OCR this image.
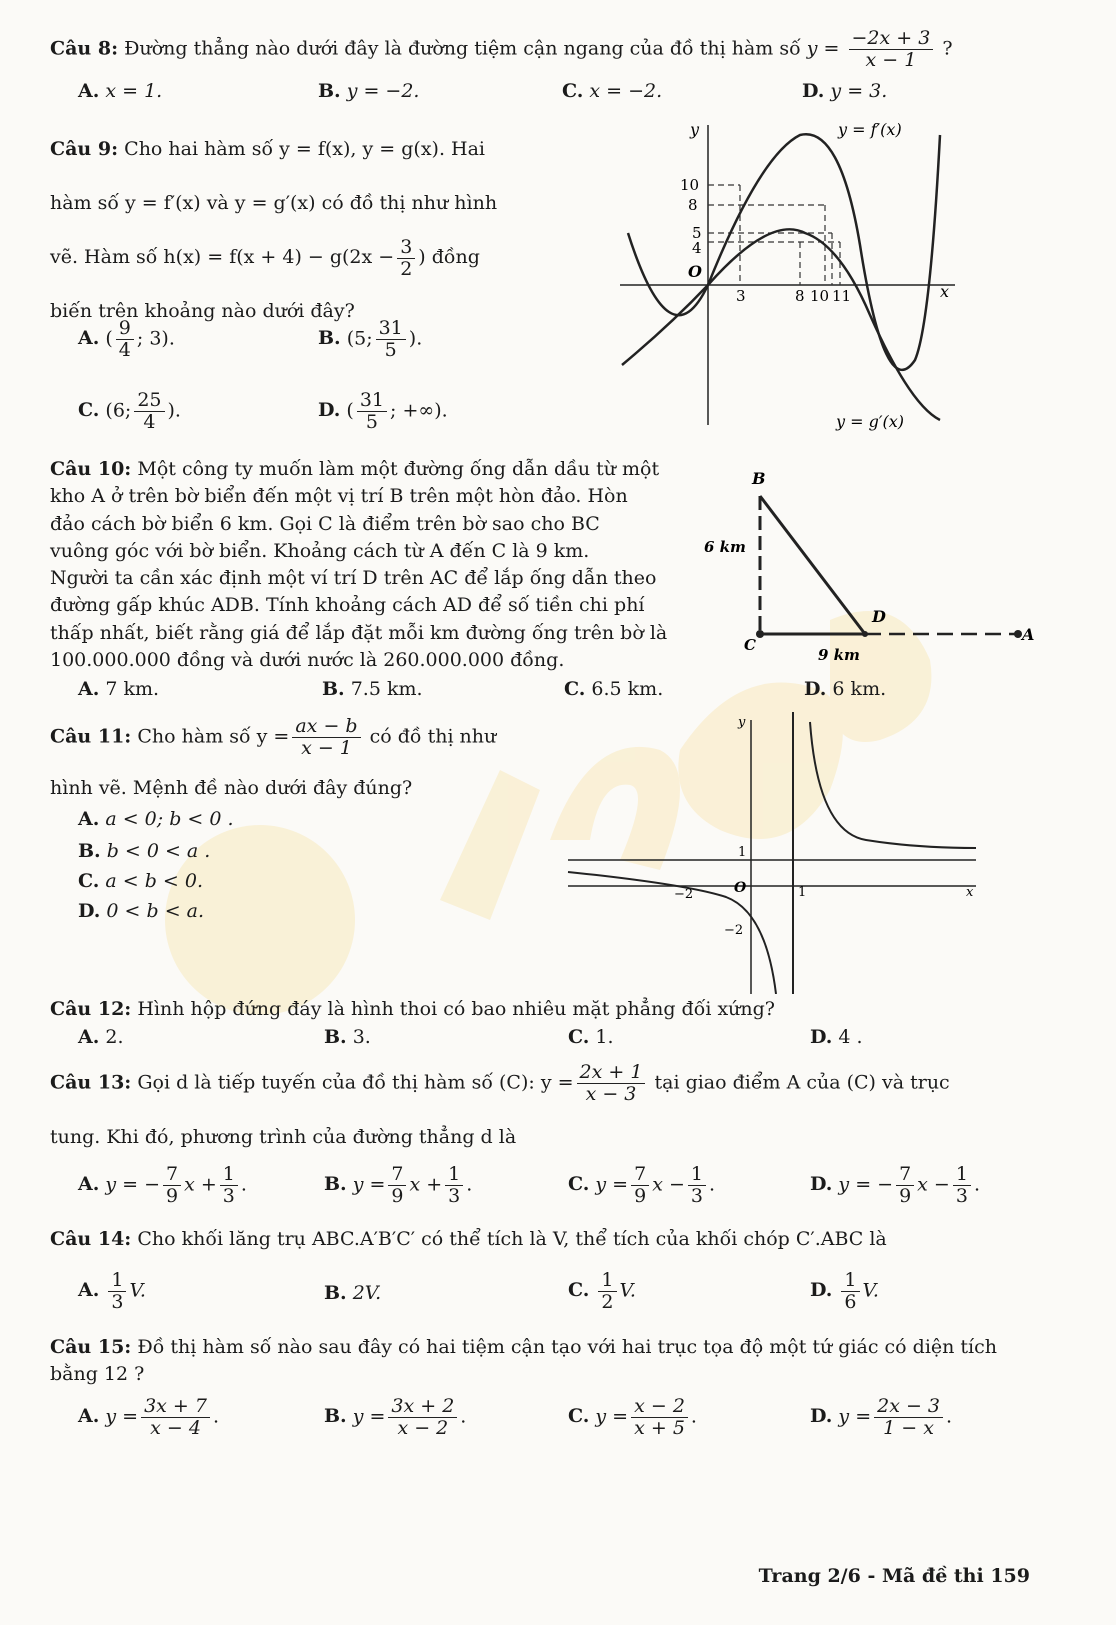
Câu 8: Đường thẳng nào dưới đây là đường tiệm cận ngang của đồ thị hàm số $y = \frac{-2x + 3}{x - 1}$ ?
A. x = 1.	B. y = −2.	C. x = −2.	D. y = 3.
Câu 9: Cho hai hàm số y = f(x), y = g(x). Hai
hàm số y = f′(x) và y = g′(x) có đồ thị như hình
vẽ. Hàm số $h(x) = f(x + 4) - g(2x - \frac{3}{2}$ ) đồng
biến trên khoảng nào dưới đây?
A. ( $\frac{9}{4}$ ; 3).	B. (5; $\frac{31}{5}$ ).
C. (6; $\frac{25}{4}$ ).	D. ( $\frac{31}{5}$ ; +∞).
y
x
O
y = f′(x)
y = g′(x)
10
8
5
4
3	8 10 11
Câu 10: Một công ty muốn làm một đường ống dẫn dầu từ một
kho A ở trên bờ biển đến một vị trí B trên một hòn đảo. Hòn
đảo cách bờ biển 6 km. Gọi C là điểm trên bờ sao cho BC
vuông góc với bờ biển. Khoảng cách từ A đến C là 9 km.
Người ta cần xác định một ví trí D trên AC để lắp ống dẫn theo
đường gấp khúc ADB. Tính khoảng cách AD để số tiền chi phí
thấp nhất, biết rằng giá để lắp đặt mỗi km đường ống trên bờ là
100.000.000 đồng và dưới nước là 260.000.000 đồng.
A. 7 km.	B. 7.5 km.	C. 6.5 km.	D. 6 km.
B
C
D
A
6 km
9 km
Câu 11: Cho hàm số $y = \frac{ax - b}{x - 1}$ có đồ thị như
hình vẽ. Mệnh đề nào dưới đây đúng?
A. a < 0; b < 0 .
B. b < 0 < a .
C. a < b < 0.
D. 0 < b < a.
y
x
O
1
1
−2
−2
Câu 12: Hình hộp đứng đáy là hình thoi có bao nhiêu mặt phẳng đối xứng?
A. 2.	B. 3.	C. 1.	D. 4 .
Câu 13: Gọi d là tiếp tuyến của đồ thị hàm số (C): $y = \frac{2x + 1}{x - 3}$ tại giao điểm A của (C) và trục
tung. Khi đó, phương trình của đường thẳng d là
A. y = − $\frac{7}{9}$ $x + \frac{1}{3}$ .	B. $y = \frac{7}{9}$ $x + \frac{1}{3}$ .	C. $y = \frac{7}{9}$ $x - \frac{1}{3}$ .	D. y = − $\frac{7}{9}$ $x - \frac{1}{3}$ .
Câu 14: Cho khối lăng trụ ABC.A′B′C′ có thể tích là V, thể tích của khối chóp C′.ABC là
A. $\frac{1}{3} V$.	B. 2V.	C. $\frac{1}{2} V$.	D. $\frac{1}{6} V$.
Câu 15: Đồ thị hàm số nào sau đây có hai tiệm cận tạo với hai trục tọa độ một tứ giác có diện tích
bằng 12 ?
A. $y = \frac{3x + 7}{x - 4}$ .	B. $y = \frac{3x + 2}{x - 2}$ .	C. $y = \frac{x - 2}{x + 5}$ .	D. $y = \frac{2x - 3}{1 - x}$ .
Trang 2/6 - Mã đề thi 159
